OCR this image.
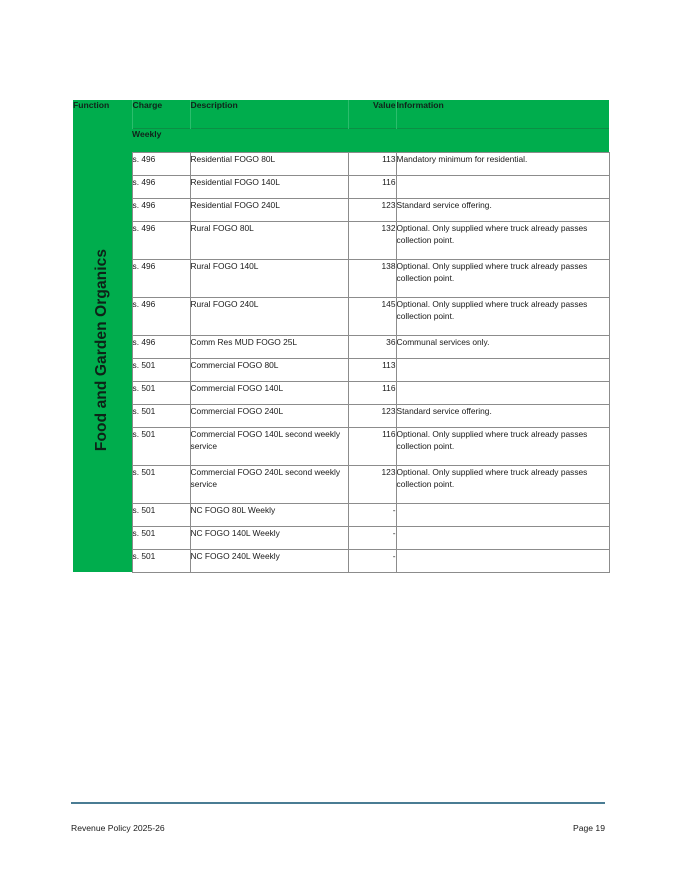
Function	Charge	Description	Value	Information

Food and Garden Organics	Weekly			
	s. 496	Residential FOGO 80L	113	Mandatory minimum for residential.
	s. 496	Residential FOGO 140L	116	
	s. 496	Residential FOGO 240L	123	Standard service offering.
	s. 496	Rural FOGO 80L	132	Optional. Only supplied where truck already passes collection point.
	s. 496	Rural FOGO 140L	138	Optional. Only supplied where truck already passes collection point.
	s. 496	Rural FOGO 240L	145	Optional. Only supplied where truck already passes collection point.
	s. 496	Comm Res MUD FOGO 25L	36	Communal services only.
	s. 501	Commercial FOGO 80L	113	
	s. 501	Commercial FOGO 140L	116	
	s. 501	Commercial FOGO 240L	123	Standard service offering.
	s. 501	Commercial FOGO 140L second weekly service	116	Optional. Only supplied where truck already passes collection point.
	s. 501	Commercial FOGO 240L second weekly service	123	Optional. Only supplied where truck already passes collection point.
	s. 501	NC FOGO 80L Weekly	-	
	s. 501	NC FOGO 140L Weekly	-	
	s. 501	NC FOGO 240L Weekly	-	
Revenue Policy 2025-26	Page 19
